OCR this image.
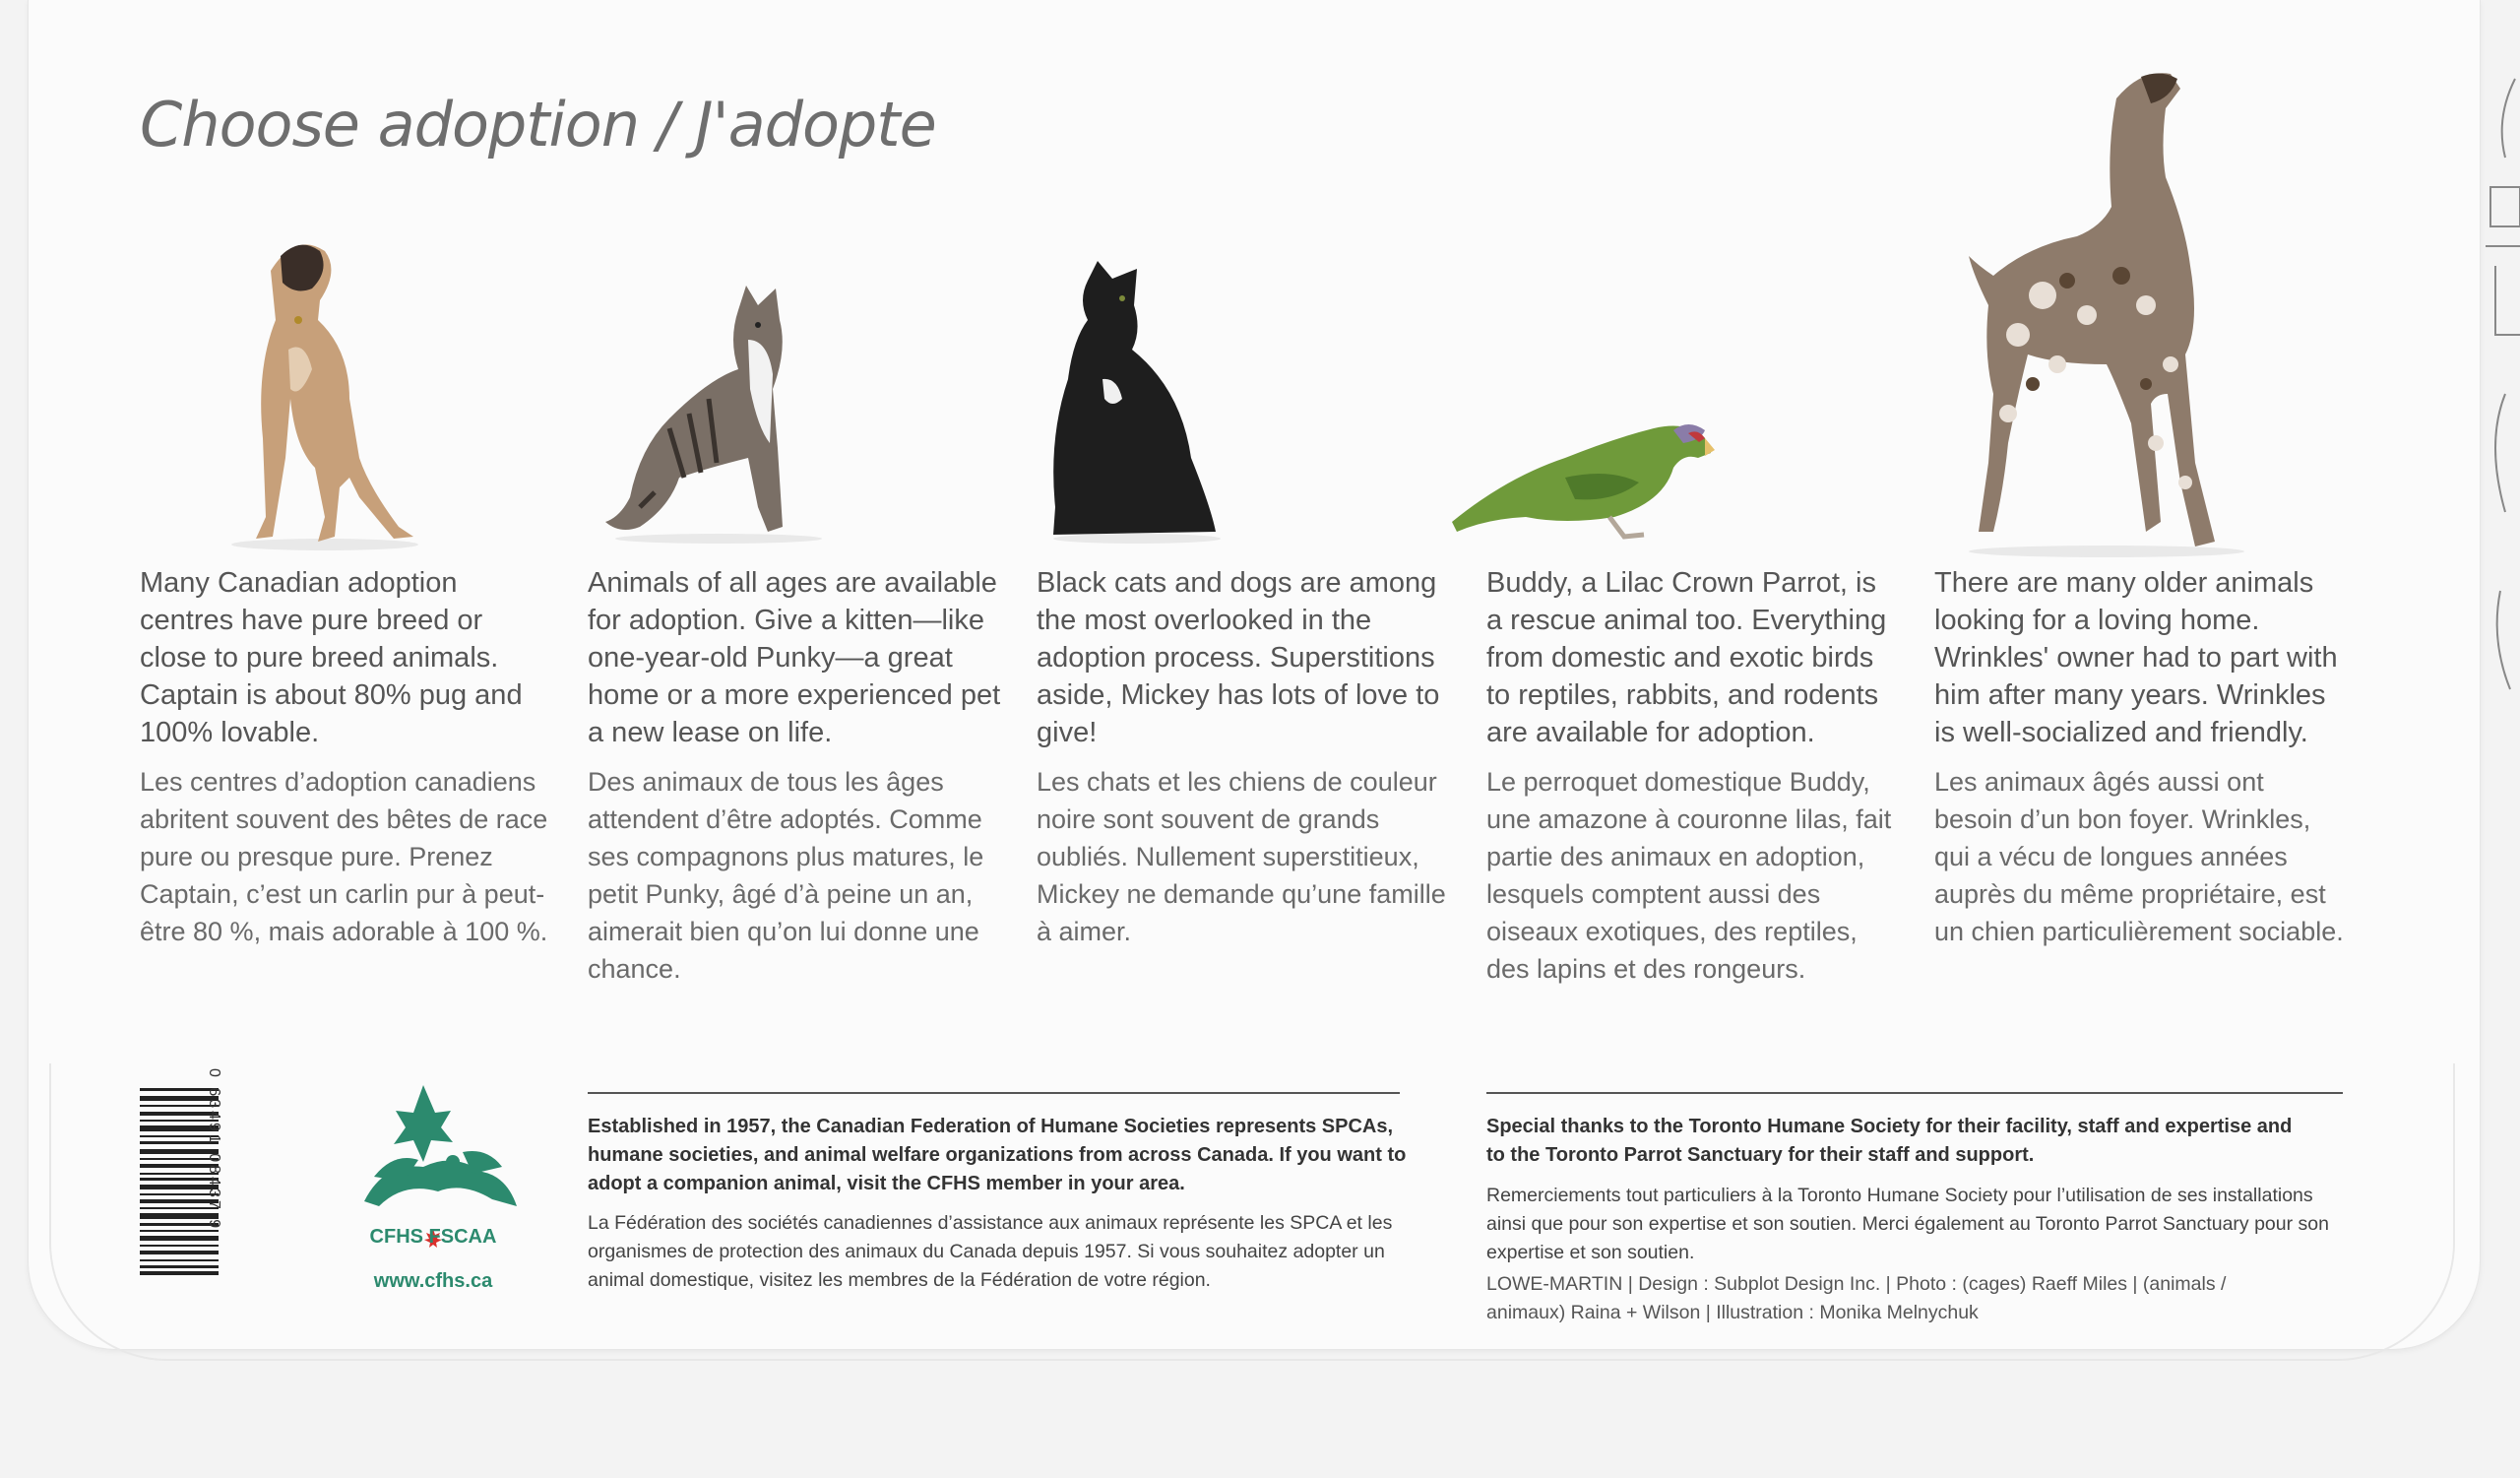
Choose adoption / J'adopte

Many Canadian adoption centres have pure breed or close to pure breed animals. Captain is about 80% pug and 100% lovable.

Les centres d’adoption canadiens abritent souvent des bêtes de race pure ou presque pure. Prenez Captain, c’est un carlin pur à peut-être 80 %, mais adorable à 100 %.

Animals of all ages are available for adoption. Give a kitten—like one-year-old Punky—a great home or a more experienced pet a new lease on life.

Des animaux de tous les âges attendent d’être adoptés. Comme ses compagnons plus matures, le petit Punky, âgé d’à peine un an, aimerait bien qu’on lui donne une chance.

Black cats and dogs are among the most overlooked in the adoption process. Superstitions aside, Mickey has lots of love to give!

Les chats et les chiens de couleur noire sont souvent de grands oubliés. Nullement superstitieux, Mickey ne demande qu’une famille à aimer.

Buddy, a Lilac Crown Parrot, is a rescue animal too. Everything from domestic and exotic birds to reptiles, rabbits, and rodents are available for adoption.

Le perroquet domestique Buddy, une amazone à couronne lilas, fait partie des animaux en adoption, lesquels comptent aussi des oiseaux exotiques, des reptiles, des lapins et des rongeurs.

There are many older animals looking for a loving home. Wrinkles' owner had to part with him after many years. Wrinkles is well-socialized and friendly.

Les animaux âgés aussi ont besoin d’un bon foyer. Wrinkles, qui a vécu de longues années auprès du même propriétaire, est un chien particulièrement sociable.

0

CFHS FSCAA

www.cfhs.ca

Established in 1957, the Canadian Federation of Humane Societies represents SPCAs, humane societies, and animal welfare organizations from across Canada. If you want to adopt a companion animal, visit the CFHS member in your area.

La Fédération des sociétés canadiennes d’assistance aux animaux représente les SPCA et les organismes de protection des animaux du Canada depuis 1957. Si vous souhaitez adopter un animal domestique, visitez les membres de la Fédération de votre région.

Special thanks to the Toronto Humane Society for their facility, staff and expertise and to the Toronto Parrot Sanctuary for their staff and support.

Remerciements tout particuliers à la Toronto Humane Society pour l’utilisation de ses installations ainsi que pour son expertise et son soutien. Merci également au Toronto Parrot Sanctuary pour son expertise et son soutien.

LOWE-MARTIN | Design : Subplot Design Inc. | Photo : (cages) Raeff Miles | (animals / animaux) Raina + Wilson | Illustration : Monika Melnychuk
